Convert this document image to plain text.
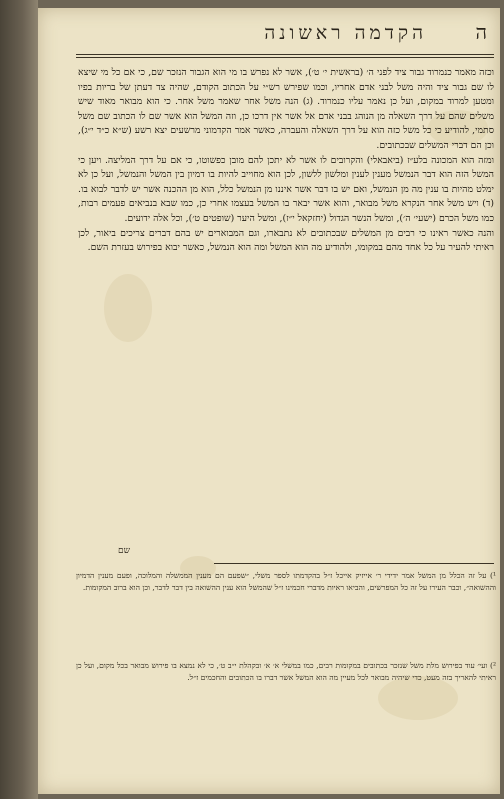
הקדמה ראשונה ה

וכזה מאמר כנמרוד גבור ציד לפני ה׳ (בראשית י׳ ט׳), אשר לא נפרש בו מי הוא הגבור הנזכר שם, כי אם כל מי שיצא לו שם גבור ציד והיה משל לבני אדם אחריו, וכמו שפירש רש״י על הכתוב הקודם, שהיה צד דעתן של בריות בפיו ומטען למרוד במקום, ועל כן נאמר עליו כנמרוד. (ג) הנה משל אחר שאמר משל אחר. כי הוא מבואר מאוד שיש משלים שהם על דרך השאלה מן הנוהג בבני אדם אל אשר אין דרכו כן, וזה המשל הוא אשר שם לו הכתוב שם משל סתמי, להודיע כי כל משל כזה הוא על דרך השאלה והעברה, כאשר אמר הקדמוני מרשעים יצא רשע (ש״א כ״ד י״ג), וכן הם דברי המשלים שבכתובים.

ומזה הוא המכונה בלע״ז (ביאבאלי) והקרובים לו אשר לא יתכן להם מובן כפשוטו, כי אם על דרך המליצה. ויען כי המשל הזה הוא דבר הנמשל מענין לענין ומלשון ללשון, לכן הוא מחוייב להיות בו דמיון בין המשל והנמשל, ועל כן לא ימלט מהיות בו ענין מה מן הנמשל, ואם יש בו דבר אשר איננו מן הנמשל כלל, הוא מן ההכנה אשר יש לדבר לבוא בו. (ד) ויש משל אחר הנקרא משל מבואר, והוא אשר יבאר בו המשל בעצמו אחרי כן, כמו שבא בנביאים פעמים רבות, כמו משל הכרם (ישעי׳ ה׳), ומשל הנשר הגדול (יחזקאל י״ז), ומשל היער (שופטים ט׳), וכל אלה ידועים.

והנה כאשר ראינו כי רבים מן המשלים שבכתובים לא נתבארו, וגם המבוארים יש בהם דברים צריכים ביאור, לכן ראיתי להעיר על כל אחד מהם במקומו, ולהודיע מה הוא המשל ומה הוא הנמשל, כאשר יבוא בפירוש בעזרת השם.

שם

¹) על זה הכלל מן המשל אמר ידידי ר׳ אייזיק אייכל ז״ל בהקדמתו לספר משלי, ״שפעם הם מענין הממשלה והמלוכה, ופעם מענין הדמיון וההשואה״, וכבר העירו על זה כל המפרשים, והביאו ראיות מדברי חכמינו ז״ל שהמשל הוא ענין ההשואה בין דבר לדבר, וכן הוא ברוב המקומות.

²) ועי׳ עוד בפירוש מלת משל שנזכר בכתובים במקומות רבים, כמו במשלי א׳ א׳ ובקהלת י״ב ט׳, כי לא נמצא בו פירוש מבואר בכל מקום, ועל כן ראיתי להאריך בזה מעט, כדי שיהיה מבואר לכל מעיין מה הוא המשל אשר דברו בו הכתובים והחכמים ז״ל.
